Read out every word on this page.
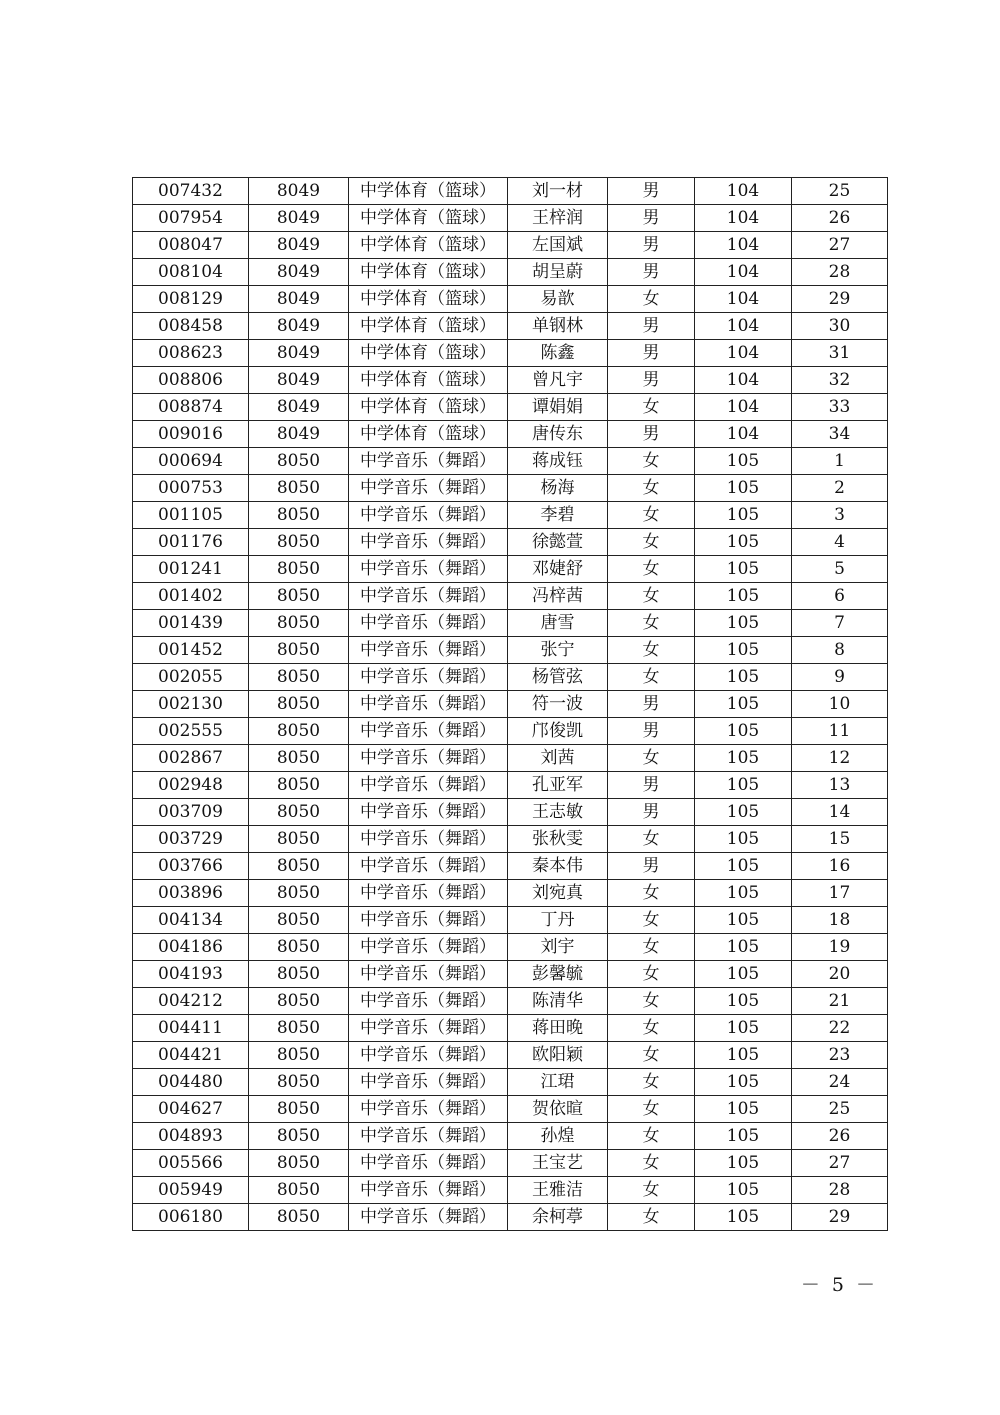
007432	8049	中学体育（篮球）	刘一材	男	104	25
007954	8049	中学体育（篮球）	王梓润	男	104	26
008047	8049	中学体育（篮球）	左国斌	男	104	27
008104	8049	中学体育（篮球）	胡呈蔚	男	104	28
008129	8049	中学体育（篮球）	易歆	女	104	29
008458	8049	中学体育（篮球）	单钢林	男	104	30
008623	8049	中学体育（篮球）	陈鑫	男	104	31
008806	8049	中学体育（篮球）	曾凡宇	男	104	32
008874	8049	中学体育（篮球）	谭娟娟	女	104	33
009016	8049	中学体育（篮球）	唐传东	男	104	34
000694	8050	中学音乐（舞蹈）	蒋成钰	女	105	1
000753	8050	中学音乐（舞蹈）	杨海	女	105	2
001105	8050	中学音乐（舞蹈）	李碧	女	105	3
001176	8050	中学音乐（舞蹈）	徐懿萱	女	105	4
001241	8050	中学音乐（舞蹈）	邓婕舒	女	105	5
001402	8050	中学音乐（舞蹈）	冯梓茜	女	105	6
001439	8050	中学音乐（舞蹈）	唐雪	女	105	7
001452	8050	中学音乐（舞蹈）	张宁	女	105	8
002055	8050	中学音乐（舞蹈）	杨管弦	女	105	9
002130	8050	中学音乐（舞蹈）	符一波	男	105	10
002555	8050	中学音乐（舞蹈）	邝俊凯	男	105	11
002867	8050	中学音乐（舞蹈）	刘茜	女	105	12
002948	8050	中学音乐（舞蹈）	孔亚军	男	105	13
003709	8050	中学音乐（舞蹈）	王志敏	男	105	14
003729	8050	中学音乐（舞蹈）	张秋雯	女	105	15
003766	8050	中学音乐（舞蹈）	秦本伟	男	105	16
003896	8050	中学音乐（舞蹈）	刘宛真	女	105	17
004134	8050	中学音乐（舞蹈）	丁丹	女	105	18
004186	8050	中学音乐（舞蹈）	刘宇	女	105	19
004193	8050	中学音乐（舞蹈）	彭馨毓	女	105	20
004212	8050	中学音乐（舞蹈）	陈清华	女	105	21
004411	8050	中学音乐（舞蹈）	蒋田晚	女	105	22
004421	8050	中学音乐（舞蹈）	欧阳颖	女	105	23
004480	8050	中学音乐（舞蹈）	江珺	女	105	24
004627	8050	中学音乐（舞蹈）	贺依暄	女	105	25
004893	8050	中学音乐（舞蹈）	孙煌	女	105	26
005566	8050	中学音乐（舞蹈）	王宝艺	女	105	27
005949	8050	中学音乐（舞蹈）	王雅洁	女	105	28
006180	8050	中学音乐（舞蹈）	余柯葶	女	105	29
－ 5 －
